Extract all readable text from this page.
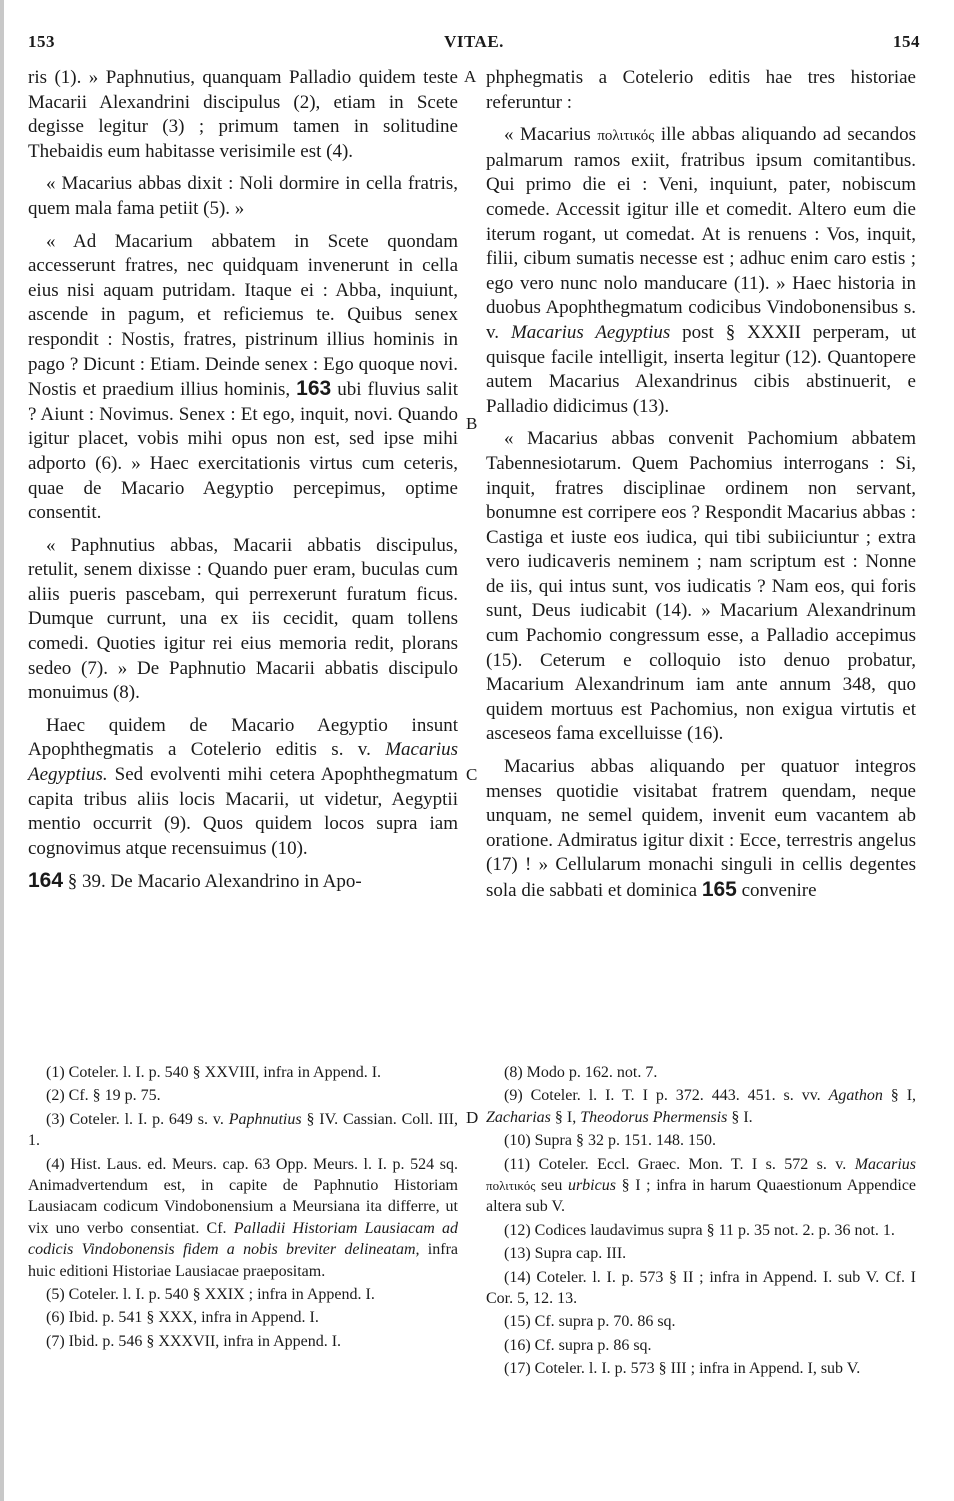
153	VITAE.	154
A
B
C
D

ris (1). » Paphnutius, quanquam Palladio quidem teste Macarii Alexandrini discipulus (2), etiam in Scete degisse legitur (3) ; primum tamen in solitudine Thebaidis eum habitasse verisimile est (4).

« Macarius abbas dixit : Noli dormire in cella fratris, quem mala fama petiit (5). »

« Ad Macarium abbatem in Scete quondam accesserunt fratres, nec quidquam invenerunt in cella eius nisi aquam putridam. Itaque ei : Abba, inquiunt, ascende in pagum, et reficiemus te. Quibus senex respondit : Nostis, fratres, pistrinum illius hominis in pago ? Dicunt : Etiam. Deinde senex : Ego quoque novi. Nostis et praedium illius hominis, 163 ubi fluvius salit ? Aiunt : Novimus. Senex : Et ego, inquit, novi. Quando igitur placet, vobis mihi opus non est, sed ipse mihi adporto (6). » Haec exercitationis virtus cum ceteris, quae de Macario Aegyptio percepimus, optime consentit.

« Paphnutius abbas, Macarii abbatis discipulus, retulit, senem dixisse : Quando puer eram, buculas cum aliis pueris pascebam, qui perrexerunt furatum ficus. Dumque currunt, una ex iis cecidit, quam tollens comedi. Quoties igitur rei eius memoria redit, plorans sedeo (7). » De Paphnutio Macarii abbatis discipulo monuimus (8).

Haec quidem de Macario Aegyptio insunt Apophthegmatis a Cotelerio editis s. v. Macarius Aegyptius. Sed evolventi mihi cetera Apophthegmatum capita tribus aliis locis Macarii, ut videtur, Aegyptii mentio occurrit (9). Quos quidem locos supra iam cognovimus atque recensuimus (10).

164 § 39. De Macario Alexandrino in Apo-

phphegmatis a Cotelerio editis hae tres historiae referuntur :

« Macarius πολιτικός ille abbas aliquando ad secandos palmarum ramos exiit, fratribus ipsum comitantibus. Qui primo die ei : Veni, inquiunt, pater, nobiscum comede. Accessit igitur ille et comedit. Altero eum die iterum rogant, ut comedat. At is renuens : Vos, inquit, filii, cibum sumatis necesse est ; adhuc enim caro estis ; ego vero nunc nolo manducare (11). » Haec historia in duobus Apophthegmatum codicibus Vindobonensibus s. v. Macarius Aegyptius post § XXXII perperam, ut quisque facile intelligit, inserta legitur (12). Quantopere autem Macarius Alexandrinus cibis abstinuerit, e Palladio didicimus (13).

« Macarius abbas convenit Pachomium abbatem Tabennesiotarum. Quem Pachomius interrogans : Si, inquit, fratres disciplinae ordinem non servant, bonumne est corripere eos ? Respondit Macarius abbas : Castiga et iuste eos iudica, qui tibi subiiciuntur ; extra vero iudicaveris neminem ; nam scriptum est : Nonne de iis, qui intus sunt, vos iudicatis ? Nam eos, qui foris sunt, Deus iudicabit (14). » Macarium Alexandrinum cum Pachomio congressum esse, a Palladio accepimus (15). Ceterum e colloquio isto denuo probatur, Macarium Alexandrinum iam ante annum 348, quo quidem mortuus est Pachomius, non exigua virtutis et asceseos fama excelluisse (16).

Macarius abbas aliquando per quatuor integros menses quotidie visitabat fratrem quendam, neque unquam, ne semel quidem, invenit eum vacantem ab oratione. Admiratus igitur dixit : Ecce, terrestris angelus (17) ! » Cellularum monachi singuli in cellis degentes sola die sabbati et dominica 165 convenire

(1) Coteler. l. I. p. 540 § XXVIII, infra in Append. I.

(2) Cf. § 19 p. 75.

(3) Coteler. l. I. p. 649 s. v. Paphnutius § IV. Cassian. Coll. III, 1.

(4) Hist. Laus. ed. Meurs. cap. 63 Opp. Meurs. l. I. p. 524 sq. Animadvertendum est, in capite de Paphnutio Historiam Lausiacam codicum Vindobonensium a Meursiana ita differre, ut vix uno verbo consentiat. Cf. Palladii Historiam Lausiacam ad codicis Vindobonensis fidem a nobis breviter delineatam, infra huic editioni Historiae Lausiacae praepositam.

(5) Coteler. l. I. p. 540 § XXIX ; infra in Append. I.

(6) Ibid. p. 541 § XXX, infra in Append. I.

(7) Ibid. p. 546 § XXXVII, infra in Append. I.

(8) Modo p. 162. not. 7.

(9) Coteler. l. I. T. I p. 372. 443. 451. s. vv. Agathon § I, Zacharias § I, Theodorus Phermensis § I.

(10) Supra § 32 p. 151. 148. 150.

(11) Coteler. Eccl. Graec. Mon. T. I s. 572 s. v. Macarius πολιτικός seu urbicus § I ; infra in harum Quaestionum Appendice altera sub V.

(12) Codices laudavimus supra § 11 p. 35 not. 2. p. 36 not. 1.

(13) Supra cap. III.

(14) Coteler. l. I. p. 573 § II ; infra in Append. I. sub V. Cf. I Cor. 5, 12. 13.

(15) Cf. supra p. 70. 86 sq.

(16) Cf. supra p. 86 sq.

(17) Coteler. l. I. p. 573 § III ; infra in Append. I, sub V.
